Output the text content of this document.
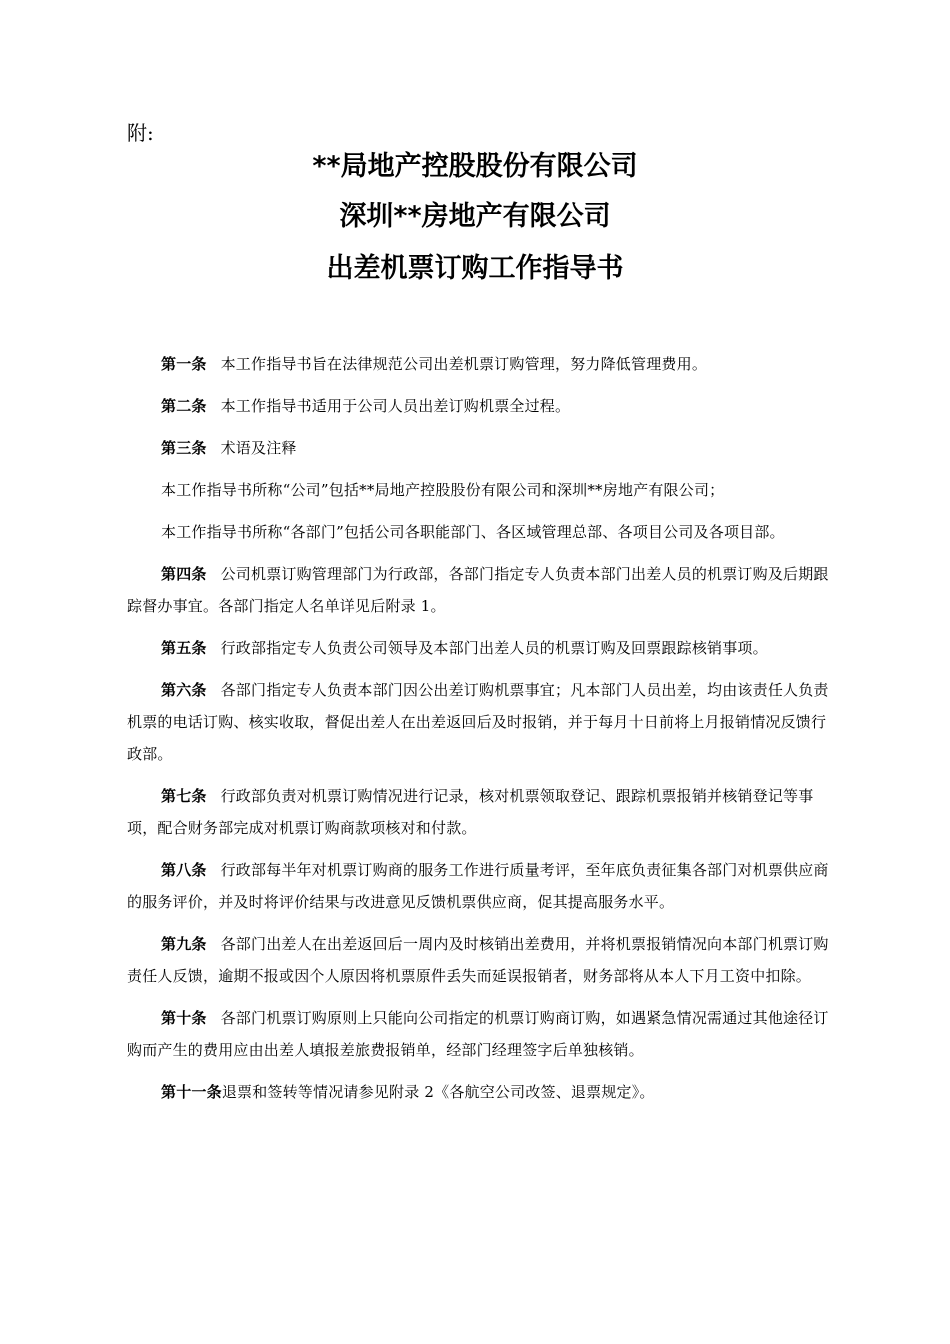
附:
**局地产控股股份有限公司
深圳**房地产有限公司
出差机票订购工作指导书

第一条 本工作指导书旨在法律规范公司出差机票订购管理，努力降低管理费用。

第二条 本工作指导书适用于公司人员出差订购机票全过程。

第三条 术语及注释

本工作指导书所称“公司”包括**局地产控股股份有限公司和深圳**房地产有限公司；

本工作指导书所称“各部门”包括公司各职能部门、各区域管理总部、各项目公司及各项目部。

第四条 公司机票订购管理部门为行政部，各部门指定专人负责本部门出差人员的机票订购及后期跟踪督办事宜。各部门指定人名单详见后附录 1。

第五条 行政部指定专人负责公司领导及本部门出差人员的机票订购及回票跟踪核销事项。

第六条 各部门指定专人负责本部门因公出差订购机票事宜；凡本部门人员出差，均由该责任人负责机票的电话订购、核实收取，督促出差人在出差返回后及时报销，并于每月十日前将上月报销情况反馈行政部。

第七条 行政部负责对机票订购情况进行记录，核对机票领取登记、跟踪机票报销并核销登记等事项，配合财务部完成对机票订购商款项核对和付款。

第八条 行政部每半年对机票订购商的服务工作进行质量考评，至年底负责征集各部门对机票供应商的服务评价，并及时将评价结果与改进意见反馈机票供应商，促其提高服务水平。

第九条 各部门出差人在出差返回后一周内及时核销出差费用，并将机票报销情况向本部门机票订购责任人反馈，逾期不报或因个人原因将机票原件丢失而延误报销者，财务部将从本人下月工资中扣除。

第十条 各部门机票订购原则上只能向公司指定的机票订购商订购，如遇紧急情况需通过其他途径订购而产生的费用应由出差人填报差旅费报销单，经部门经理签字后单独核销。

第十一条退票和签转等情况请参见附录 2《各航空公司改签、退票规定》。
